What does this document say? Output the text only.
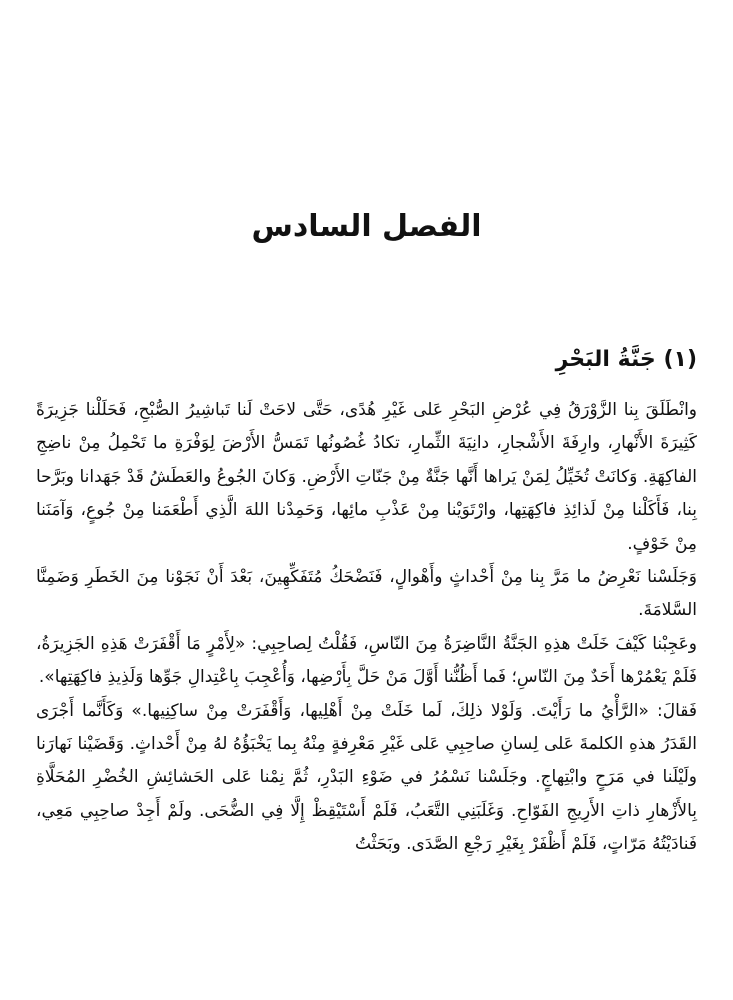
الفصل السادس
(١) جَنَّةُ البَحْرِ

وانْطَلَقَ بِنا الزَّوْرَقُ فِي عُرْضِ البَحْرِ عَلى غَيْرِ هُدًى، حَتَّى لاحَتْ لَنا تَباشِيرُ الصُّبْحِ، فَحَلَلْنا جَزِيرَةً كَثِيرَةَ الأَنْهارِ، وارِفَةَ الأَشْجارِ، دانِيَةَ الثِّمارِ، تكادُ غُصُونُها تَمَسُّ الأَرْضَ لِوَفْرَةِ ما تَحْمِلُ مِنْ ناضِجِ الفاكِهَةِ. وَكانَتْ تُخَيِّلُ لِمَنْ يَراها أَنَّها جَنَّةٌ مِنْ جَنّاتِ الأَرْضِ. وَكانَ الجُوعُ والعَطَشُ قَدْ جَهَدانا وبَرَّحا بِنا، فَأَكَلْنا مِنْ لَذائِذِ فاكِهَتِها، وارْتَوَيْنا مِنْ عَذْبِ مائِها، وَحَمِدْنا اللهَ الَّذِي أَطْعَمَنا مِنْ جُوعٍ، وَآمَنَنا مِنْ خَوْفٍ.

وَجَلَسْنا نَعْرِضُ ما مَرَّ بِنا مِنْ أَحْداثٍ وأَهْوالٍ، فَنَضْحَكُ مُتَفَكِّهِينَ، بَعْدَ أَنْ نَجَوْنا مِنَ الخَطَرِ وَضَمِنَّا السَّلامَةَ.

وعَجِبْنا كَيْفَ خَلَتْ هذِهِ الجَنَّةُ النَّاضِرَةُ مِنَ النّاسِ، فَقُلْتُ لِصاحِبِي: «لِأَمْرٍ مَا أَقْفَرَتْ هَذِهِ الجَزِيرَةُ، فَلَمْ يَعْمُرْها أَحَدٌ مِنَ النّاسِ؛ فَما أَظُنُّنا أَوَّلَ مَنْ حَلَّ بِأَرْضِها، وَأُعْجِبَ بِاعْتِدالِ جَوِّها وَلَذِيذِ فاكِهَتِها».

فَقالَ: «الرَّأْيُ ما رَأَيْتَ. وَلَوْلا ذلِكَ، لَما خَلَتْ مِنْ أَهْلِيها، وَأَقْفَرَتْ مِنْ ساكِنِيها.» وَكَأَنَّما أَجْرَى القَدَرُ هذهِ الكلمةَ عَلى لِسانِ صاحِبِي عَلى غَيْرِ مَعْرِفةٍ مِنْهُ بِما يَخْبَؤُهُ لهُ مِنْ أَحْداثٍ. وَقَضَيْنا نَهارَنا ولَيْلَنا في مَرَحٍ وابْتِهاجٍ. وجَلَسْنا نَسْمُرُ في ضَوْءِ البَدْرِ، ثُمَّ نِمْنا عَلى الحَشائِشِ الخُضْرِ المُحَلَّاةِ بِالأَزْهارِ ذاتِ الأَرِيجِ الفَوّاحِ. وَغَلَبَنِي التَّعَبُ، فَلَمْ أَسْتَيْقِظْ إِلَّا فِي الضُّحَى. ولَمْ أَجِدْ صاحِبِي مَعِي، فَنادَيْتُهُ مَرّاتٍ، فَلَمْ أَظْفَرْ بِغَيْرِ رَجْعِ الصَّدَى. وبَحَثْتُ
